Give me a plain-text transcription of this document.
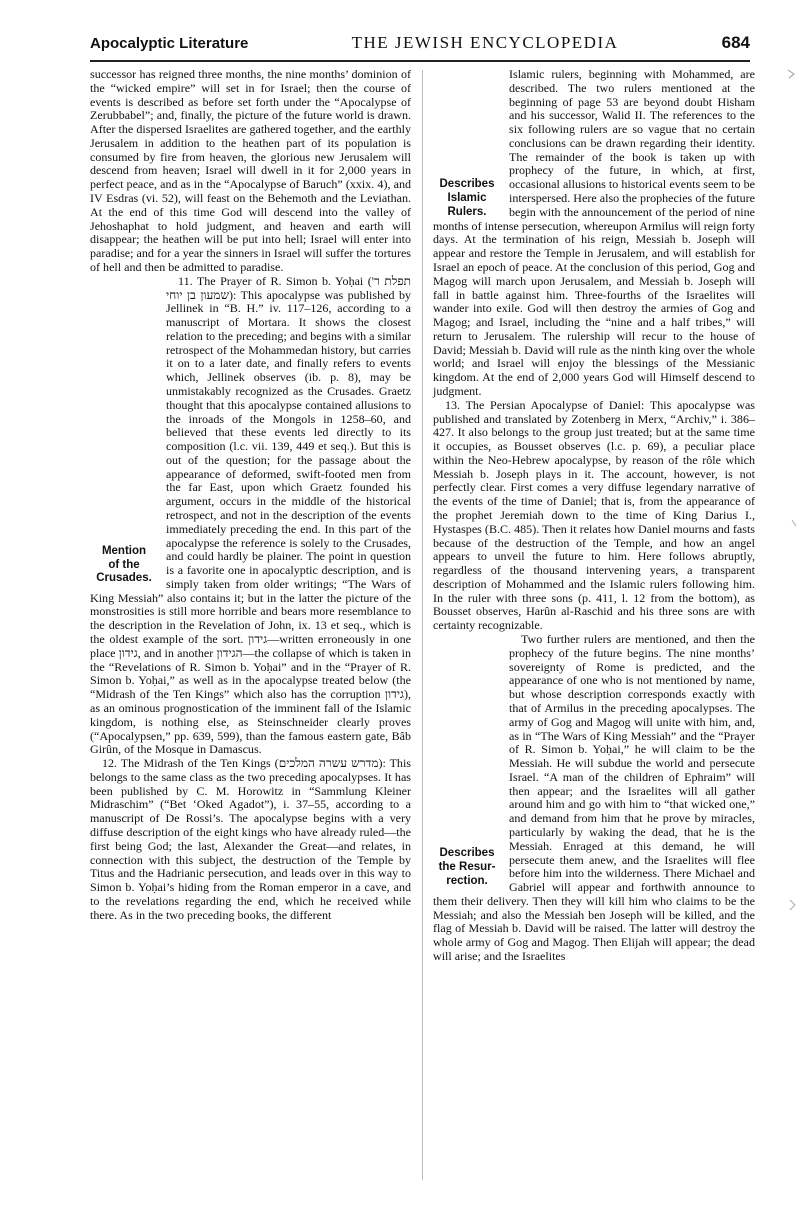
Apocalyptic Literature	THE JEWISH ENCYCLOPEDIA	684

successor has reigned three months, the nine months’ dominion of the “wicked empire” will set in for Israel; then the course of events is described as before set forth under the “Apocalypse of Zerubbabel”; and, finally, the picture of the future world is drawn. After the dispersed Israelites are gathered together, and the earthly Jerusalem in addition to the heathen part of its population is consumed by fire from heaven, the glorious new Jerusalem will descend from heaven; Israel will dwell in it for 2,000 years in perfect peace, and as in the “Apocalypse of Baruch” (xxix. 4), and IV Esdras (vi. 52), will feast on the Behemoth and the Leviathan. At the end of this time God will descend into the valley of Jehoshaphat to hold judgment, and heaven and earth will disappear; the heathen will be put into hell; Israel will enter into paradise; and for a year the sinners in Israel will suffer the tortures of hell and then be admitted to paradise.

Mention
of the
Crusades.

11. The Prayer of R. Simon b. Yoḥai (תפלת ר' שמעון בן יוחי): This apocalypse was published by Jellinek in “B. H.” iv. 117–126, according to a manuscript of Mortara. It shows the closest relation to the preceding; and begins with a similar retrospect of the Mohammedan history, but carries it on to a later date, and finally refers to events which, Jellinek observes (ib. p. 8), may be unmistakably recognized as the Crusades. Graetz thought that this apocalypse contained allusions to the inroads of the Mongols in 1258–60, and believed that these events led directly to its composition (l.c. vii. 139, 449 et seq.). But this is out of the question; for the passage about the appearance of deformed, swift-footed men from the far East, upon which Graetz founded his argument, occurs in the middle of the historical retrospect, and not in the description of the events immediately preceding the end. In this part of the apocalypse the reference is solely to the Crusades, and could hardly be plainer. The point in question is a favorite one in apocalyptic description, and is simply taken from older writings; “The Wars of King Messiah” also contains it; but in the latter the picture of the monstrosities is still more horrible and bears more resemblance to the description in the Revelation of John, ix. 13 et seq., which is the oldest example of the sort. גידון—written erroneously in one place גידון, and in another הגידון—the collapse of which is taken in the “Revelations of R. Simon b. Yoḥai” and in the “Prayer of R. Simon b. Yoḥai,” as well as in the apocalypse treated below (the “Midrash of the Ten Kings” which also has the corruption גידון), as an ominous prognostication of the imminent fall of the Islamic kingdom, is nothing else, as Steinschneider clearly proves (“Apocalypsen,” pp. 639, 599), than the famous eastern gate, Bâb Girûn, of the Mosque in Damascus.

12. The Midrash of the Ten Kings (מדרש עשרה המלכים): This belongs to the same class as the two preceding apocalypses. It has been published by C. M. Horowitz in “Sammlung Kleiner Midraschim” (“Bet ‘Oked Agadot”), i. 37–55, according to a manuscript of De Rossi’s. The apocalypse begins with a very diffuse description of the eight kings who have already ruled—the first being God; the last, Alexander the Great—and relates, in connection with this subject, the destruction of the Temple by Titus and the Hadrianic persecution, and leads over in this way to Simon b. Yoḥai’s hiding from the Roman emperor in a cave, and to the revelations regarding the end, which he received while there. As in the two preceding books, the different

Describes
Islamic
Rulers.

Islamic rulers, beginning with Mohammed, are described. The two rulers mentioned at the beginning of page 53 are beyond doubt Hisham and his successor, Walid II. The references to the six following rulers are so vague that no certain conclusions can be drawn regarding their identity. The remainder of the book is taken up with prophecy of the future, in which, at first, occasional allusions to historical events seem to be interspersed. Here also the prophecies of the future begin with the announcement of the period of nine months of intense persecution, whereupon Armilus will reign forty days. At the termination of his reign, Messiah b. Joseph will appear and restore the Temple in Jerusalem, and will establish for Israel an epoch of peace. At the conclusion of this period, Gog and Magog will march upon Jerusalem, and Messiah b. Joseph will fall in battle against him. Three-fourths of the Israelites will wander into exile. God will then destroy the armies of Gog and Magog; and Israel, including the “nine and a half tribes,” will return to Jerusalem. The rulership will recur to the house of David; Messiah b. David will rule as the ninth king over the whole world; and Israel will enjoy the blessings of the Messianic kingdom. At the end of 2,000 years God will Himself descend to judgment.

13. The Persian Apocalypse of Daniel: This apocalypse was published and translated by Zotenberg in Merx, “Archiv,” i. 386–427. It also belongs to the group just treated; but at the same time it occupies, as Bousset observes (l.c. p. 69), a peculiar place within the Neo-Hebrew apocalypse, by reason of the rôle which Messiah b. Joseph plays in it. The account, however, is not perfectly clear. First comes a very diffuse legendary narrative of the events of the time of Daniel; that is, from the appearance of the prophet Jeremiah down to the time of King Darius I., Hystaspes (B.C. 485). Then it relates how Daniel mourns and fasts because of the destruction of the Temple, and how an angel appears to unveil the future to him. Here follows abruptly, regardless of the thousand intervening years, a transparent description of Mohammed and the Islamic rulers following him. In the ruler with three sons (p. 411, l. 12 from the bottom), as Bousset observes, Harûn al-Raschid and his three sons are with certainty recognizable.

Describes
the Resur-
rection.

Two further rulers are mentioned, and then the prophecy of the future begins. The nine months’ sovereignty of Rome is predicted, and the appearance of one who is not mentioned by name, but whose description corresponds exactly with that of Armilus in the preceding apocalypses. The army of Gog and Magog will unite with him, and, as in “The Wars of King Messiah” and the “Prayer of R. Simon b. Yoḥai,” he will claim to be the Messiah. He will subdue the world and persecute Israel. “A man of the children of Ephraim” will then appear; and the Israelites will all gather around him and go with him to “that wicked one,” and demand from him that he prove by miracles, particularly by waking the dead, that he is the Messiah. Enraged at this demand, he will persecute them anew, and the Israelites will flee before him into the wilderness. There Michael and Gabriel will appear and forthwith announce to them their delivery. Then they will kill him who claims to be the Messiah; and also the Messiah ben Joseph will be killed, and the flag of Messiah b. David will be raised. The latter will destroy the whole army of Gog and Magog. Then Elijah will appear; the dead will arise; and the Israelites
